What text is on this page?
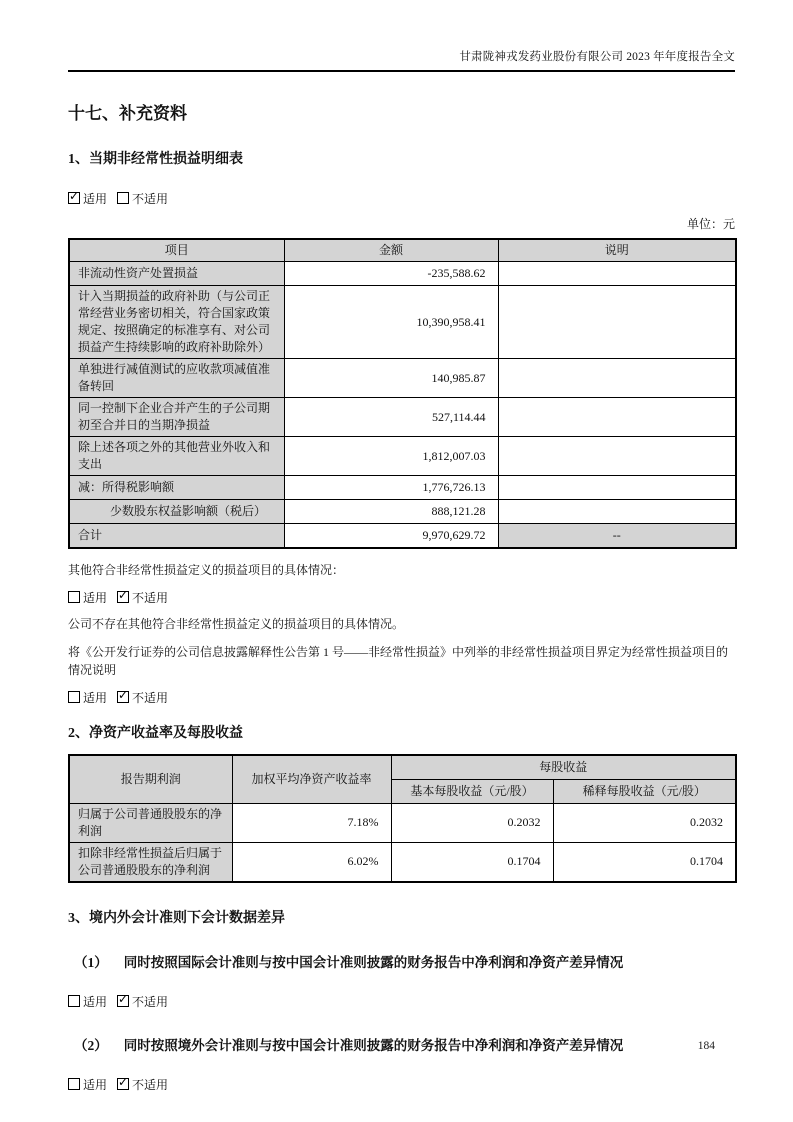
甘肃陇神戎发药业股份有限公司 2023 年年度报告全文
十七、补充资料
1、当期非经常性损益明细表
✓适用 不适用
单位：元
项目	金额	说明
非流动性资产处置损益	-235,588.62	
计入当期损益的政府补助（与公司正常经营业务密切相关，符合国家政策规定、按照确定的标准享有、对公司损益产生持续影响的政府补助除外）	10,390,958.41	
单独进行减值测试的应收款项减值准备转回	140,985.87	
同一控制下企业合并产生的子公司期初至合并日的当期净损益	527,114.44	
除上述各项之外的其他营业外收入和支出	1,812,007.03	
减：所得税影响额	1,776,726.13	
少数股东权益影响额（税后）	888,121.28	
合计	9,970,629.72	--
其他符合非经常性损益定义的损益项目的具体情况：
适用 ✓ 不适用
公司不存在其他符合非经常性损益定义的损益项目的具体情况。
将《公开发行证券的公司信息披露解释性公告第 1 号——非经常性损益》中列举的非经常性损益项目界定为经常性损益项目的情况说明
适用 ✓ 不适用
2、净资产收益率及每股收益
报告期利润	加权平均净资产收益率	每股收益	
		基本每股收益（元/股）	稀释每股收益（元/股）
归属于公司普通股股东的净利润	7.18%	0.2032	0.2032
扣除非经常性损益后归属于公司普通股股东的净利润	6.02%	0.1704	0.1704
3、境内外会计准则下会计数据差异
（1） 同时按照国际会计准则与按中国会计准则披露的财务报告中净利润和净资产差异情况
适用 ✓ 不适用
（2） 同时按照境外会计准则与按中国会计准则披露的财务报告中净利润和净资产差异情况
适用 ✓ 不适用
184
